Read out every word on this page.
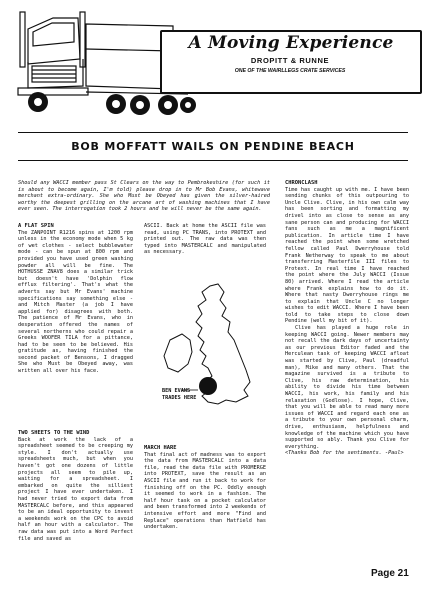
A Moving Experience
DROPITT & RUNNE
ONE OF THE WAIRLLEGS CRATE SERVICES
BOB MOFFATT WAILS ON PENDINE BEACH
Should any WACCI member pass St Clears on the way to Pembrokeshire (for such it is about to become again, I'm told) please drop in to Mr Bob Evans, whitewave merchant extra-ordinary. She who Must be Obeyed has given the silver-haired worthy the deepest grilling on the arcane art of washing machines that I have ever seen. The interrogation took 2 hours and he will never be the same again.

A FLAT SPIN

The ZANPOINT R1216 spins at 1200 rpm unless in the economy mode when 5 kg of wet clothes - select bubblewater mode - can be spun at 800 rpm and provided you have used green washing powder all will be fine. The HOTHUSSE ZNAV8 does a similar trick but doesn't have 'Dolphin flow efflux filtering'. That's what the adverts say but Mr Evans' machine specifications say something else - and Mitch Master (a job I have applied for) disagrees with both. The patience of Mr Evans, who in desperation offered the names of several northerns who could repair a Greeks WOOFER TILA for a pittance, had to be seen to be believed. His gratitude as, having finished the second packet of Bensons, I dragged She who Must be Obeyed away, was written all over his face.

TWO SHEETS TO THE WIND

Back at work the lack of a spreadsheet seemed to be creeping my style. I don't actually use spreadsheets much, but when you haven't got one dozens of little projects all seem to pile up, waiting for a spreadsheet. I embarked on quite the silliest project I have ever undertaken. I had never tried to export data from MASTERCALC before, and this appeared to be an ideal opportunity to invest a weekends work on the CPC to avoid half an hour with a calculator. The raw data was put into a Word Perfect file and saved as

ASCII. Back at home the ASCII file was read, using PC TRANS, into PROTEXT and printed out. The raw data was then typed into MASTERCALC and manipulated as necessary.

BEN EVANS
TRADES HERE

MARCH HARE

That final act of madness was to export the data from MASTERCALC into a data file, read the data file with PROMERGE into PROTEXT, save the result as an ASCII file and run it back to work for finishing off on the PC. Oddly enough it seemed to work in a fashion. The half hour task on a pocket calculator and been transformed into 2 weekends of intensive effort and more "Find and Replace" operations than Hatfield has undertaken.

CHRONCLASH

Time has caught up with me. I have been sending chunks of this outpouring to Uncle Clive. Clive, in his own calm way has been sorting and formatting my drivel into as close to sense as any sane person can and producing for WACCI fans such as me a magnificent publication. In article time I have reached the point when some wretched fellow called Paul Dwerryhouse told Frank Netherway to speak to me about transferring Masterfile III files to Protext. In real time I have reached the point where the July WACCI (Issue 80) arrived. Where I read the article where Frank explains how to do it. Where that nasty Dwerryhouse rings me to explain that Uncle C no longer wishes to edit WACCI. Where I have been told to take steps to close down Pendine (well my bit of it).

Clive has played a huge role in keeping WACCI going. Newer members may not recall the dark days of uncertainty as our previous Editor faded and the Herculean task of keeping WACCI afloat was started by Clive, Paul (dreadful man), Mike and many others. That the magazine survived is a tribute to Clive, his raw determination, his ability to divide his time between WACCI, his work, his family and his relaxation (Godlose). I hope, Clive, that you will be able to read many more issues of WACCI and regard each one as a tribute to your own personal charm, drive, enthusiasm, helpfulness and knowledge of the machine which you have supported so ably. Thank you Clive for everything.

<Thanks Bob for the sentiments. -Paul>

Page 21
